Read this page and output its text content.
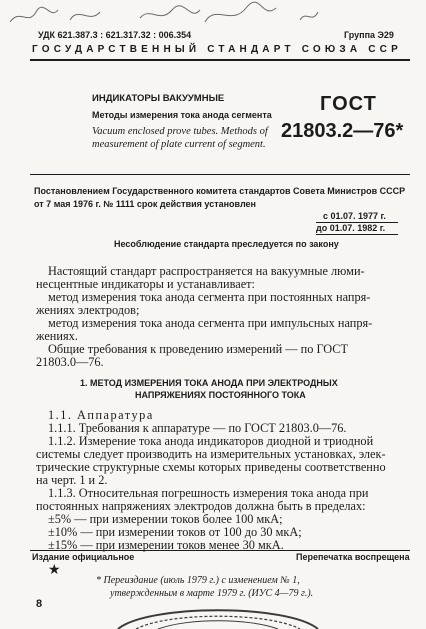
УДК 621.387.3 : 621.317.32 : 006.354	Группа Э29
ГОСУДАРСТВЕННЫЙ СТАНДАРТ СОЮЗА ССР
ИНДИКАТОРЫ ВАКУУМНЫЕ
Методы измерения тока анода сегмента
Vacuum enclosed prove tubes. Methods of
measurement of plate current of segment.
ГОСТ
21803.2—76*
Постановлением Государственного комитета стандартов Совета Министров СССР
от 7 мая 1976 г. № 1111 срок действия установлен
с 01.07. 1977 г.
до 01.07. 1982 г.
Несоблюдение стандарта преследуется по закону
Настоящий стандарт распространяется на вакуумные люми-
несцентные индикаторы и устанавливает:
метод измерения тока анода сегмента при постоянных напря-
жениях электродов;
метод измерения тока анода сегмента при импульсных напря-
жениях.
Общие требования к проведению измерений — по ГОСТ
21803.0—76.
1. МЕТОД ИЗМЕРЕНИЯ ТОКА АНОДА ПРИ ЭЛЕКТРОДНЫХ
НАПРЯЖЕНИЯХ ПОСТОЯННОГО ТОКА
1.1. Аппаратура
1.1.1. Требования к аппаратуре — по ГОСТ 21803.0—76.
1.1.2. Измерение тока анода индикаторов диодной и триодной
системы следует производить на измерительных установках, элек-
трические структурные схемы которых приведены соответственно
на черт. 1 и 2.
1.1.3. Относительная погрешность измерения тока анода при
постоянных напряжениях электродов должна быть в пределах:
±5% — при измерении токов более 100 мкА;
±10% — при измерении токов от 100 до 30 мкА;
±15% — при измерении токов менее 30 мкА.
Издание официальное	Перепечатка воспрещена
★
* Переиздание (июль 1979 г.) с изменением № 1,
утвержденным в марте 1979 г. (ИУС 4—79 г.).
8
